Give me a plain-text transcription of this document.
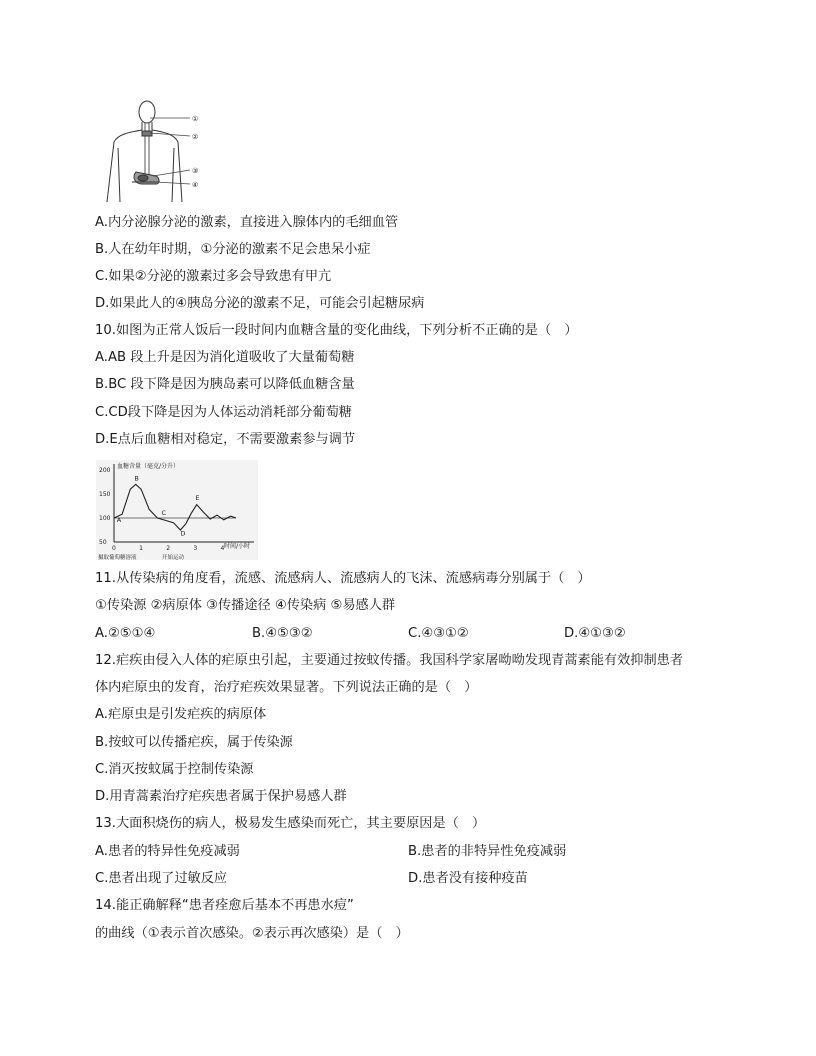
①
②
③
④
A.内分泌腺分泌的激素，直接进入腺体内的毛细血管
B.人在幼年时期，①分泌的激素不足会患呆小症
C.如果②分泌的激素过多会导致患有甲亢
D.如果此人的④胰岛分泌的激素不足，可能会引起糖尿病
10.如图为正常人饭后一段时间内血糖含量的变化曲线，下列分析不正确的是（　）
A.AB 段上升是因为消化道吸收了大量葡萄糖
B.BC 段下降是因为胰岛素可以降低血糖含量
C.CD段下降是因为人体运动消耗部分葡萄糖
D.E点后血糖相对稳定，不需要激素参与调节
血糖含量（毫克/分升）
时间/小时
摄取葡萄糖溶液	开始运动
200
150
100
50
0	1	2	3	4
A
B
C
D
E
11.从传染病的角度看，流感、流感病人、流感病人的飞沫、流感病毒分别属于（　）
①传染源 ②病原体 ③传播途径 ④传染病 ⑤易感人群
A.②⑤①④	B.④⑤③②	C.④③①②	D.④①③②
12.疟疾由侵入人体的疟原虫引起，主要通过按蚊传播。我国科学家屠呦呦发现青蒿素能有效抑制患者
体内疟原虫的发育，治疗疟疾效果显著。下列说法正确的是（　）
A.疟原虫是引发疟疾的病原体
B.按蚊可以传播疟疾，属于传染源
C.消灭按蚊属于控制传染源
D.用青蒿素治疗疟疾患者属于保护易感人群
13.大面积烧伤的病人，极易发生感染而死亡，其主要原因是（　）
A.患者的特异性免疫减弱	B.患者的非特异性免疫减弱
C.患者出现了过敏反应	D.患者没有接种疫苗
14.能正确解释“患者痊愈后基本不再患水痘”
的曲线（①表示首次感染。②表示再次感染）是（　）
